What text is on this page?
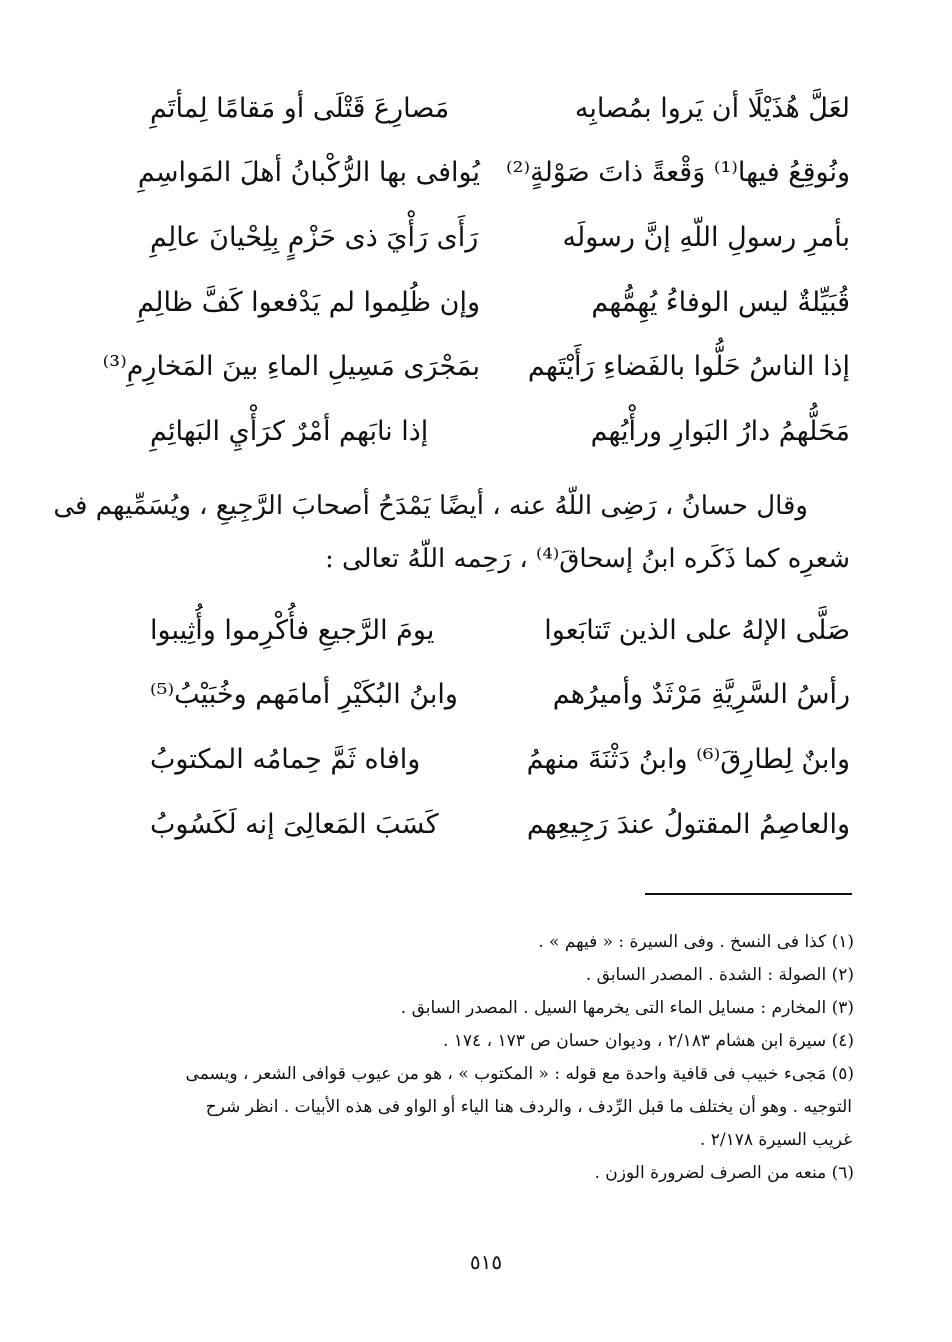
لعَلَّ هُذَيْلًا أن يَروا بمُصابِه
مَصارِعَ قَتْلَى أو مَقامًا لِمأتَمِ
ونُوقِعُ فيها⁽¹⁾ وَقْعةً ذاتَ صَوْلةٍ⁽²⁾
يُوافى بها الرُّكْبانُ أهلَ المَواسِمِ
بأمرِ رسولِ اللّهِ إنَّ رسولَه
رَأَى رَأْيَ ذى حَزْمٍ بِلِحْيانَ عالِمِ
قُبَيِّلةٌ ليس الوفاءُ يُهِمُّهم
وإن ظُلِموا لم يَدْفعوا كَفَّ ظالِمِ
إذا الناسُ حَلُّوا بالفَضاءِ رَأَيْتَهم
بمَجْرَى مَسِيلِ الماءِ بينَ المَخارِمِ⁽³⁾
مَحَلُّهمُ دارُ البَوارِ ورأْيُهم
إذا نابَهم أمْرٌ كرَأْيِ البَهائِمِ
وقال حسانُ ، رَضِى اللّهُ عنه ، أيضًا يَمْدَحُ أصحابَ الرَّجِيعِ ، ويُسَمِّيهم فى
شعرِه كما ذَكَره ابنُ إسحاقَ⁽⁴⁾ ، رَحِمه اللّهُ تعالى :
صَلَّى الإلهُ على الذين تَتابَعوا
يومَ الرَّجيعِ فأُكْرِموا وأُثِيبوا
رأسُ السَّرِيَّةِ مَرْثَدٌ وأميرُهم
وابنُ البُكَيْرِ أمامَهم وخُبَيْبُ⁽⁵⁾
وابنٌ لِطارِقَ⁽⁶⁾ وابنُ دَثْنَةَ منهمُ
وافاه ثَمَّ حِمامُه المكتوبُ
والعاصِمُ المقتولُ عندَ رَجِيعِهم
كَسَبَ المَعالِىَ إنه لَكَسُوبُ
(١) كذا فى النسخ . وفى السيرة : « فيهم » .
(٢) الصولة : الشدة . المصدر السابق .
(٣) المخارم : مسايل الماء التى يخرمها السيل . المصدر السابق .
(٤) سيرة ابن هشام ٢/١٨٣ ، وديوان حسان ص ١٧٣ ، ١٧٤ .
(٥) مَجىء خبيب فى قافية واحدة مع قوله : « المكتوب » ، هو من عيوب قوافى الشعر ، ويسمى
التوجيه . وهو أن يختلف ما قبل الرِّدف ، والردف هنا الياء أو الواو فى هذه الأبيات . انظر شرح
غريب السيرة ٢/١٧٨ .
(٦) منعه من الصرف لضرورة الوزن .
٥١٥
